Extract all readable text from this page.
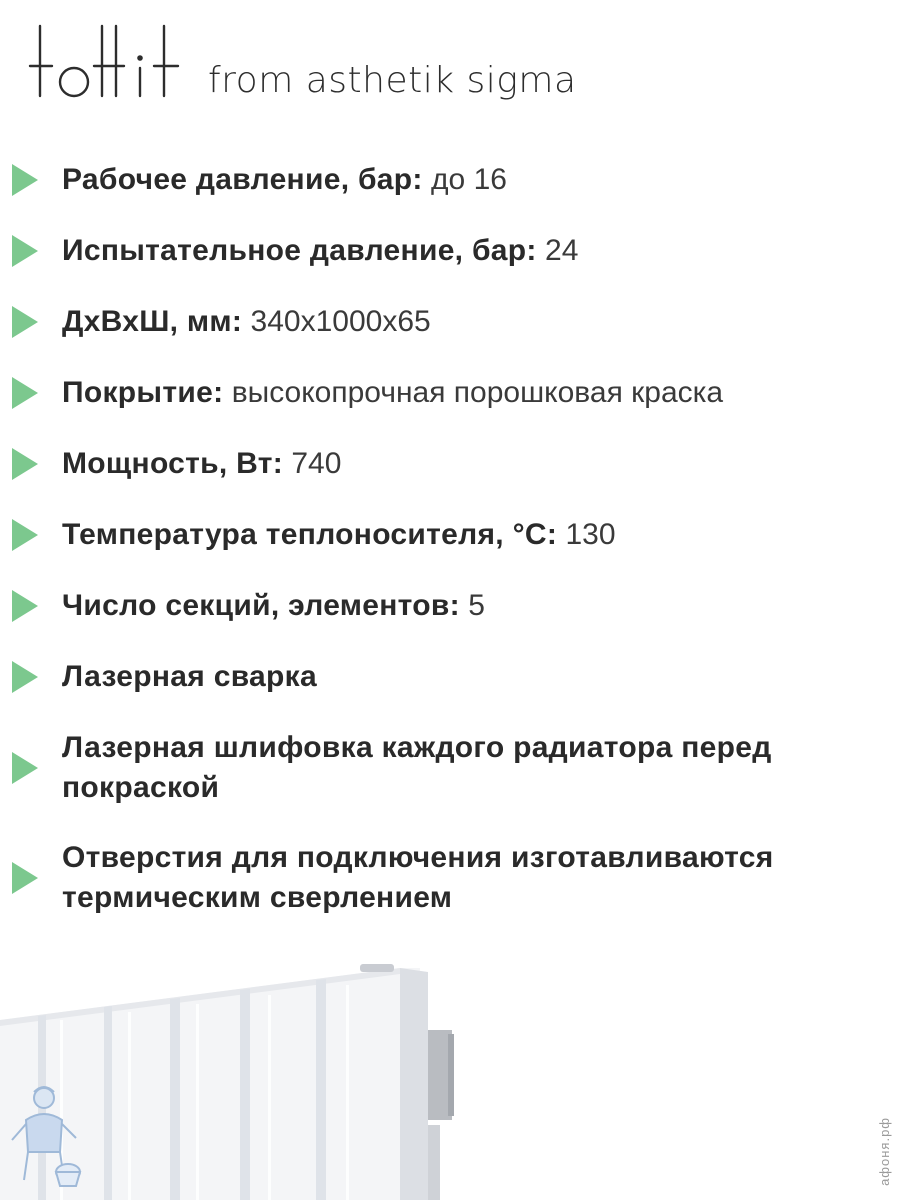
from asthetik sigma
Рабочее давление, бар: до 16
Испытательное давление, бар: 24
ДхВхШ, мм: 340x1000x65
Покрытие: высокопрочная порошковая краска
Мощность, Вт: 740
Температура теплоносителя, °С: 130
Число секций, элементов: 5
Лазерная сварка
Лазерная шлифовка каждого радиатора перед покраской
Отверстия для подключения изготавливаются термическим сверлением
афоня.рф
